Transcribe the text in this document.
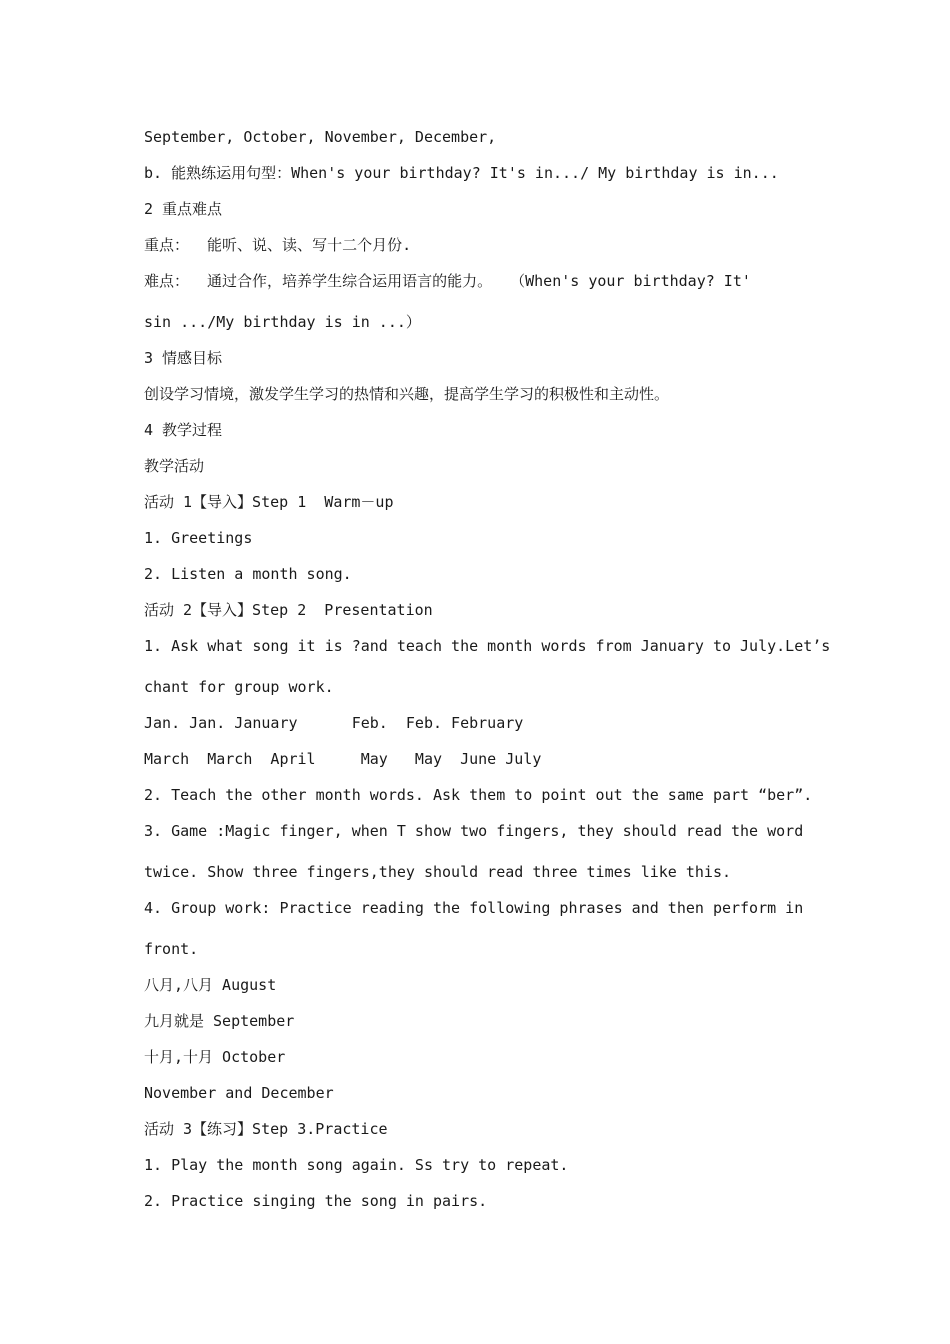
September, October, November, December,

b. 能熟练运用句型：When's your birthday? It's in.../ My birthday is in...

2 重点难点

重点：  能听、说、读、写十二个月份.

难点：  通过合作，培养学生综合运用语言的能力。  （When's your birthday? It'

sin .../My birthday is in ...）

3 情感目标

创设学习情境，激发学生学习的热情和兴趣，提高学生学习的积极性和主动性。

4 教学过程

教学活动

活动 1【导入】Step 1  Warm－up

1. Greetings

2. Listen a month song.

活动 2【导入】Step 2  Presentation

1. Ask what song it is ?and teach the month words from January to July.Let’s

chant for group work.

Jan. Jan. January      Feb.  Feb. February

March  March  April     May   May  June July

2. Teach the other month words. Ask them to point out the same part “ber”.

3. Game :Magic finger, when T show two fingers, they should read the word

twice. Show three fingers,they should read three times like this.

4. Group work: Practice reading the following phrases and then perform in

front.

八月,八月 August

九月就是 September

十月,十月 October

November and December

活动 3【练习】Step 3.Practice

1. Play the month song again. Ss try to repeat.

2. Practice singing the song in pairs.
